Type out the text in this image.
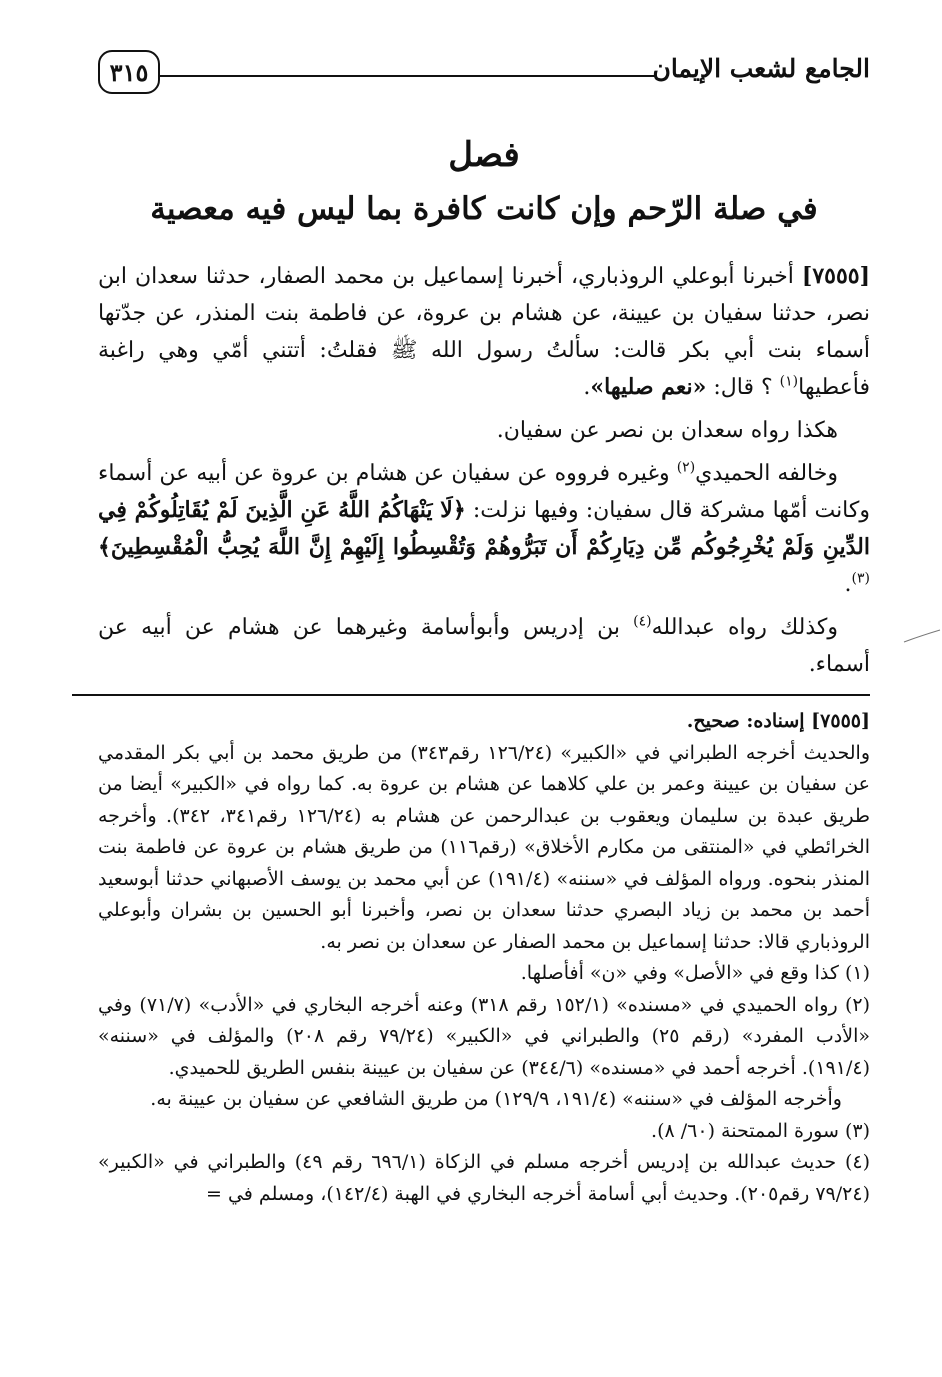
الجامع لشعب الإيمان
٣١٥
فصل
في صلة الرّحم وإن كانت كافرة بما ليس فيه معصية

[٧٥٥٥] أخبرنا أبوعلي الروذباري، أخبرنا إسماعيل بن محمد الصفار، حدثنا سعدان ابن نصر، حدثنا سفيان بن عيينة، عن هشام بن عروة، عن فاطمة بنت المنذر، عن جدّتها أسماء بنت أبي بكر قالت: سألتُ رسول الله ﷺ فقلتُ: أتتني أمّي وهي راغبة فأعطيها$^{(١)}$ ؟ قال: «نعم صليها».

هكذا رواه سعدان بن نصر عن سفيان.

وخالفه الحميدي$^{(٢)}$ وغيره فرووه عن سفيان عن هشام بن عروة عن أبيه عن أسماء وكانت أمّها مشركة قال سفيان: وفيها نزلت: ﴿لَا يَنْهَاكُمُ اللَّهُ عَنِ الَّذِينَ لَمْ يُقَاتِلُوكُمْ فِي الدِّينِ وَلَمْ يُخْرِجُوكُم مِّن دِيَارِكُمْ أَن تَبَرُّوهُمْ وَتُقْسِطُوا إِلَيْهِمْ إِنَّ اللَّهَ يُحِبُّ الْمُقْسِطِينَ﴾$^{(٣)}$.

وكذلك رواه عبدالله$^{(٤)}$ بن إدريس وأبوأسامة وغيرهما عن هشام عن أبيه عن أسماء.

[٧٥٥٥] إسناده: صحيح.

والحديث أخرجه الطبراني في «الكبير» (١٢٦/٢٤ رقم٣٤٣) من طريق محمد بن أبي بكر المقدمي عن سفيان بن عيينة وعمر بن علي كلاهما عن هشام بن عروة به. كما رواه في «الكبير» أيضا من طريق عبدة بن سليمان ويعقوب بن عبدالرحمن عن هشام به (١٢٦/٢٤ رقم٣٤١، ٣٤٢). وأخرجه الخرائطي في «المنتقى من مكارم الأخلاق» (رقم١١٦) من طريق هشام بن عروة عن فاطمة بنت المنذر بنحوه. ورواه المؤلف في «سننه» (١٩١/٤) عن أبي محمد بن يوسف الأصبهاني حدثنا أبوسعيد أحمد بن محمد بن زياد البصري حدثنا سعدان بن نصر، وأخبرنا أبو الحسين بن بشران وأبوعلي الروذباري قالا: حدثنا إسماعيل بن محمد الصفار عن سعدان بن نصر به.

(١) كذا وقع في «الأصل» وفي «ن» أفأصلها.

(٢) رواه الحميدي في «مسنده» (١٥٢/١ رقم ٣١٨) وعنه أخرجه البخاري في «الأدب» (٧١/٧) وفي «الأدب المفرد» (رقم ٢٥) والطبراني في «الكبير» (٧٩/٢٤ رقم ٢٠٨) والمؤلف في «سننه» (١٩١/٤). أخرجه أحمد في «مسنده» (٣٤٤/٦) عن سفيان بن عيينة بنفس الطريق للحميدي.

وأخرجه المؤلف في «سننه» (١٩١/٤، ١٢٩/٩) من طريق الشافعي عن سفيان بن عيينة به.

(٣) سورة الممتحنة (٦٠/ ٨).

(٤) حديث عبدالله بن إدريس أخرجه مسلم في الزكاة (٦٩٦/١ رقم ٤٩) والطبراني في «الكبير» (٧٩/٢٤ رقم٢٠٥). وحديث أبي أسامة أخرجه البخاري في الهبة (١٤٢/٤)، ومسلم في =
